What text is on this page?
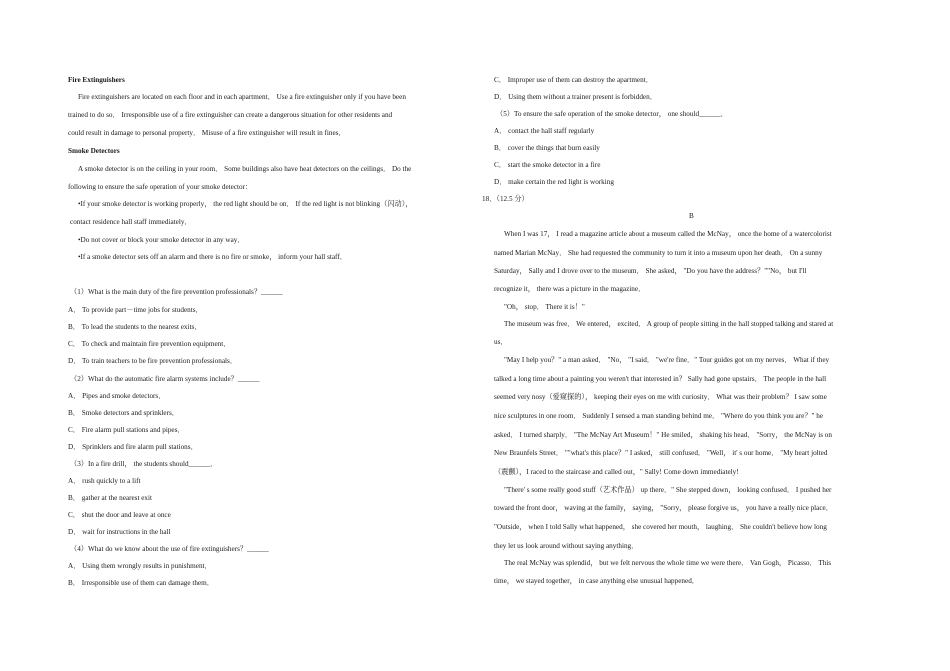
Fire Extinguishers
Fire extinguishers are located on each floor and in each apartment． Use a fire extinguisher only if you have been
trained to do so． Irresponsible use of a fire extinguisher can create a dangerous situation for other residents and
could result in damage to personal property． Misuse of a fire extinguisher will result in fines．
Smoke Detectors
A smoke detector is on the ceiling in your room． Some buildings also have heat detectors on the ceilings． Do the
following to ensure the safe operation of your smoke detector：
•If your smoke detector is working properly， the red light should be on． If the red light is not blinking（闪动），
contact residence hall staff immediately．
•Do not cover or block your smoke detector in any way．
•If a smoke detector sets off an alarm and there is no fire or smoke， inform your hall staff．
（1）What is the main duty of the fire prevention professionals？______
A． To provide part－time jobs for students．
B． To lead the students to the nearest exits．
C． To check and maintain fire prevention equipment．
D． To train teachers to be fire prevention professionals．
（2）What do the automatic fire alarm systems include？______
A． Pipes and smoke detectors．
B． Smoke detectors and sprinklers．
C． Fire alarm pull stations and pipes．
D． Sprinklers and fire alarm pull stations．
（3）In a fire drill， the students should______．
A． rush quickly to a lift
B． gather at the nearest exit
C． shut the door and leave at once
D． wait for instructions in the hall
（4）What do we know about the use of fire extinguishers？______
A． Using them wrongly results in punishment．
B． Irresponsible use of them can damage them．
C． Improper use of them can destroy the apartment．
D． Using them without a trainer present is forbidden．
（5）To ensure the safe operation of the smoke detector， one should______．
A． contact the hall staff regularly
B． cover the things that burn easily
C． start the smoke detector in a fire
D． make certain the red light is working
18．（12.5 分）
B
When I was 17， I read a magazine article about a museum called the McNay， once the home of a watercolorist
named Marian McNay． She had requested the community to turn it into a museum upon her death． On a sunny
Saturday， Sally and I drove over to the museum． She asked， "Do you have the address？""No， but I'll
recognize it， there was a picture in the magazine．
"Oh， stop． There it is！"
The museum was free． We entered， excited． A group of people sitting in the hall stopped talking and stared at
us．
"May I help you？" a man asked． "No， "I said． "we're fine．" Tour guides got on my nerves． What if they
talked a long time about a painting you weren't that interested in？ Sally had gone upstairs． The people in the hall
seemed very nosy（爱窥探的）， keeping their eyes on me with curiosity． What was their problem？ I saw some
nice sculptures in one room． Suddenly I sensed a man standing behind me． "Where do you think you are？" he
asked． I turned sharply． "The McNay Art Museum！" He smiled， shaking his head． "Sorry， the McNay is on
New Braunfels Street． ""what's this place？" I asked， still confused． "Well， it' s our home． "My heart jolted
（震颤），I raced to the staircase and called out，" Sally! Come down immediately!
"There' s some really good stuff（艺术作品） up there．" She stepped down， looking confused． I pushed her
toward the front door， waving at the family， saying， "Sorry， please forgive us， you have a really nice place．
"Outside， when I told Sally what happened， she covered her mouth， laughing． She couldn't believe how long
they let us look around without saying anything．
The real McNay was splendid， but we felt nervous the whole time we were there． Van Gogh， Picasso． This
time， we stayed together， in case anything else unusual happened．
